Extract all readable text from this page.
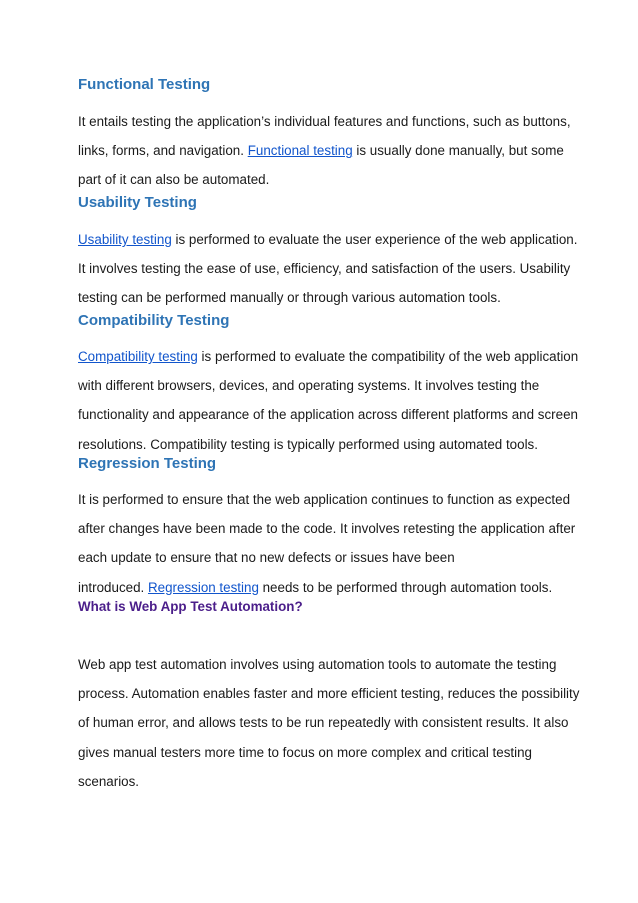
Functional Testing

It entails testing the application’s individual features and functions, such as buttons,
links, forms, and navigation. Functional testing is usually done manually, but some
part of it can also be automated.

Usability Testing

Usability testing is performed to evaluate the user experience of the web application.
It involves testing the ease of use, efficiency, and satisfaction of the users. Usability
testing can be performed manually or through various automation tools.

Compatibility Testing

Compatibility testing is performed to evaluate the compatibility of the web application
with different browsers, devices, and operating systems. It involves testing the
functionality and appearance of the application across different platforms and screen
resolutions. Compatibility testing is typically performed using automated tools.

Regression Testing

It is performed to ensure that the web application continues to function as expected
after changes have been made to the code. It involves retesting the application after
each update to ensure that no new defects or issues have been
introduced. Regression testing needs to be performed through automation tools.

What is Web App Test Automation?

Web app test automation involves using automation tools to automate the testing
process. Automation enables faster and more efficient testing, reduces the possibility
of human error, and allows tests to be run repeatedly with consistent results. It also
gives manual testers more time to focus on more complex and critical testing
scenarios.
